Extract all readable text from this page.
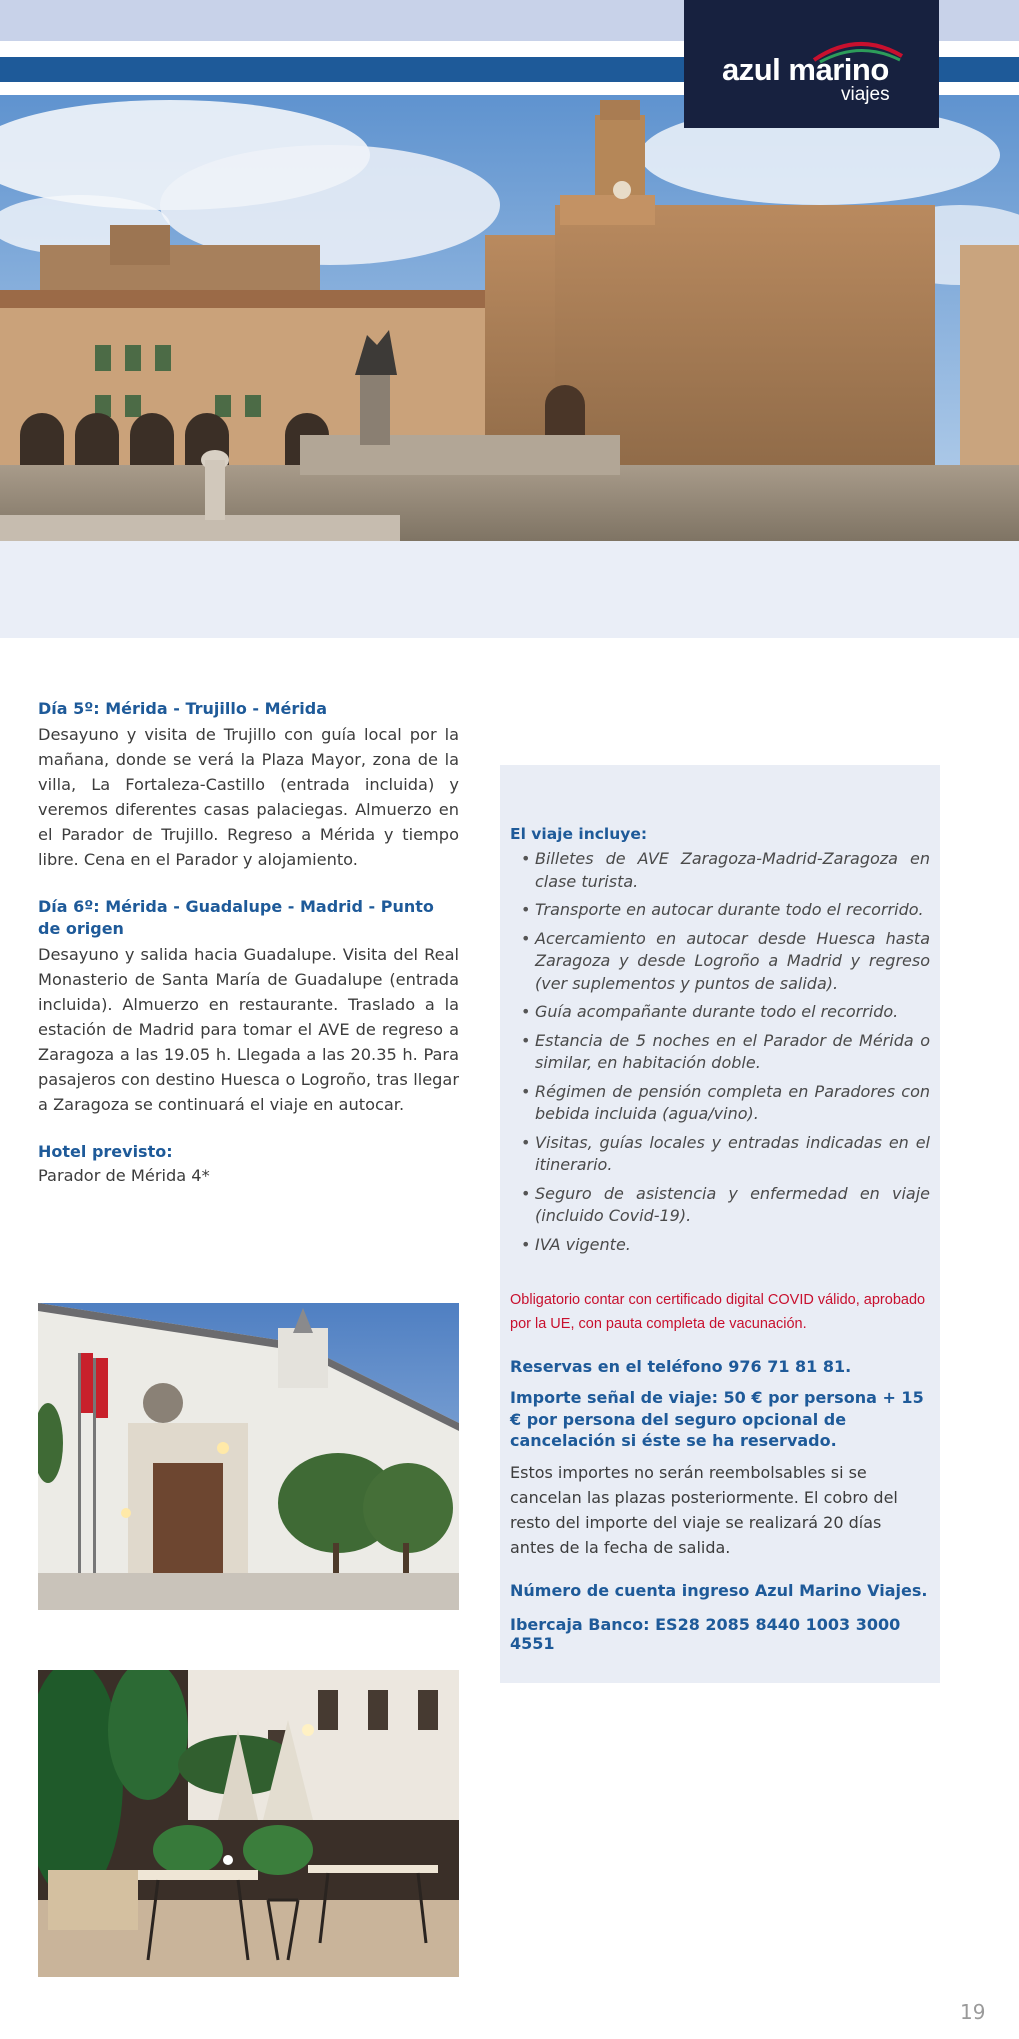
azul marino
viajes
Día 5º: Mérida - Trujillo - Mérida

Desayuno y visita de Trujillo con guía local por la mañana, donde se verá la Plaza Mayor, zona de la villa, La Fortaleza-Castillo (entrada incluida) y veremos diferentes casas palaciegas. Almuerzo en el Parador de Trujillo. Regreso a Mérida y tiempo libre. Cena en el Parador y alojamiento.

Día 6º: Mérida - Guadalupe - Madrid - Punto de origen

Desayuno y salida hacia Guadalupe. Visita del Real Monasterio de Santa María de Guadalupe (entrada incluida). Almuerzo en restaurante. Traslado a la estación de Madrid para tomar el AVE de regreso a Zaragoza a las 19.05 h. Llegada a las 20.35 h. Para pasajeros con destino Huesca o Logroño, tras llegar a Zaragoza se continuará el viaje en autocar.

Hotel previsto:
Parador de Mérida 4*
El viaje incluye:
• Billetes de AVE Zaragoza-Madrid-Zaragoza en clase turista.
• Transporte en autocar durante todo el recorrido.
• Acercamiento en autocar desde Huesca hasta Zaragoza y desde Logroño a Madrid y regreso (ver suplementos y puntos de salida).
• Guía acompañante durante todo el recorrido.
• Estancia de 5 noches en el Parador de Mérida o similar, en habitación doble.
• Régimen de pensión completa en Paradores con bebida incluida (agua/vino).
• Visitas, guías locales y entradas indicadas en el itinerario.
• Seguro de asistencia y enfermedad en viaje (incluido Covid-19).
• IVA vigente.
Obligatorio contar con certificado digital COVID válido, aprobado por la UE, con pauta completa de vacunación.
Reservas en el teléfono 976 71 81 81.
Importe señal de viaje: 50 € por persona + 15 € por persona del seguro opcional de cancelación si éste se ha reservado.
Estos importes no serán reembolsables si se cancelan las plazas posteriormente. El cobro del resto del importe del viaje se realizará 20 días antes de la fecha de salida.
Número de cuenta ingreso Azul Marino Viajes.
Ibercaja Banco: ES28 2085 8440 1003 3000 4551
19
